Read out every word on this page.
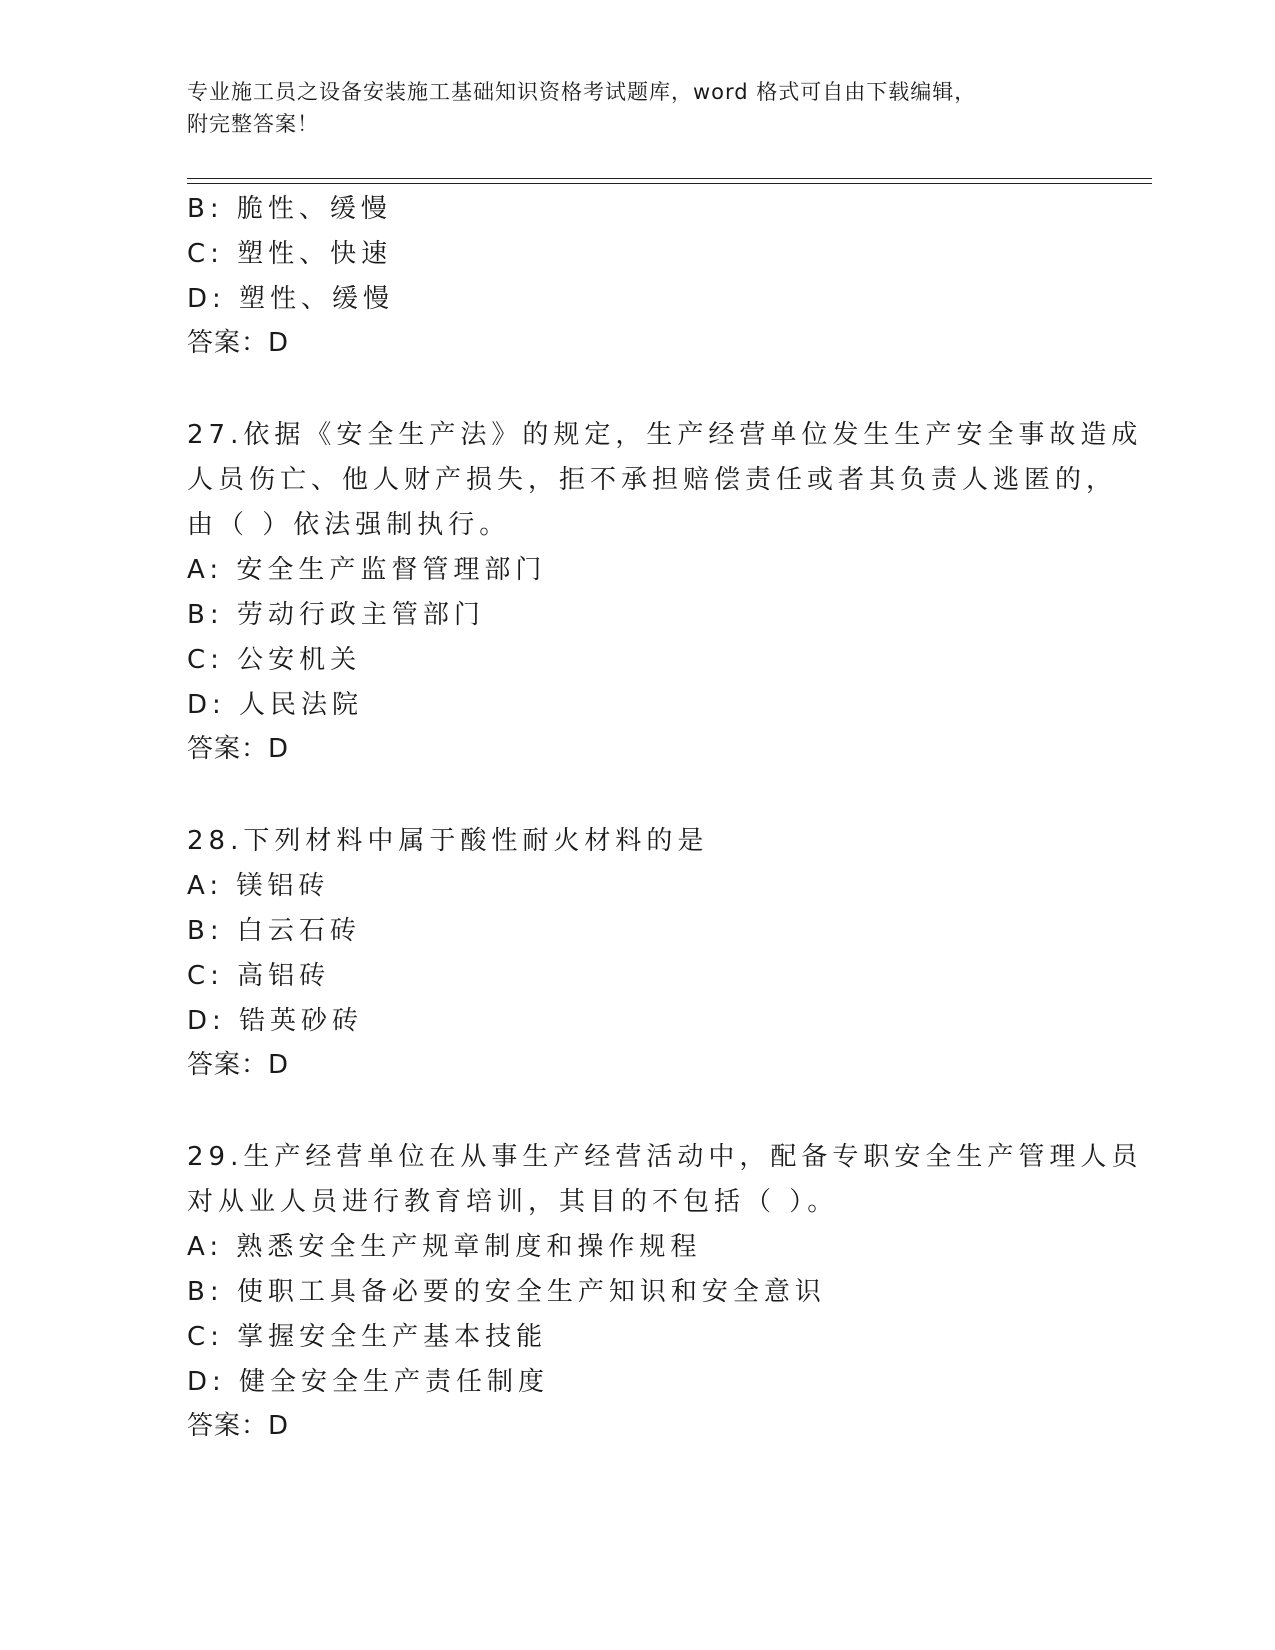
专业施工员之设备安装施工基础知识资格考试题库，word 格式可自由下载编辑，
附完整答案！
B: 脆性、缓慢
C: 塑性、快速
D: 塑性、缓慢
答案：D
27.依据《安全生产法》的规定，生产经营单位发生生产安全事故造成
人员伤亡、他人财产损失，拒不承担赔偿责任或者其负责人逃匿的，
由（ ）依法强制执行。
A: 安全生产监督管理部门
B: 劳动行政主管部门
C: 公安机关
D: 人民法院
答案：D
28.下列材料中属于酸性耐火材料的是
A: 镁铝砖
B: 白云石砖
C: 高铝砖
D: 锆英砂砖
答案：D
29.生产经营单位在从事生产经营活动中，配备专职安全生产管理人员
对从业人员进行教育培训，其目的不包括（ ）。
A: 熟悉安全生产规章制度和操作规程
B: 使职工具备必要的安全生产知识和安全意识
C: 掌握安全生产基本技能
D: 健全安全生产责任制度
答案：D
